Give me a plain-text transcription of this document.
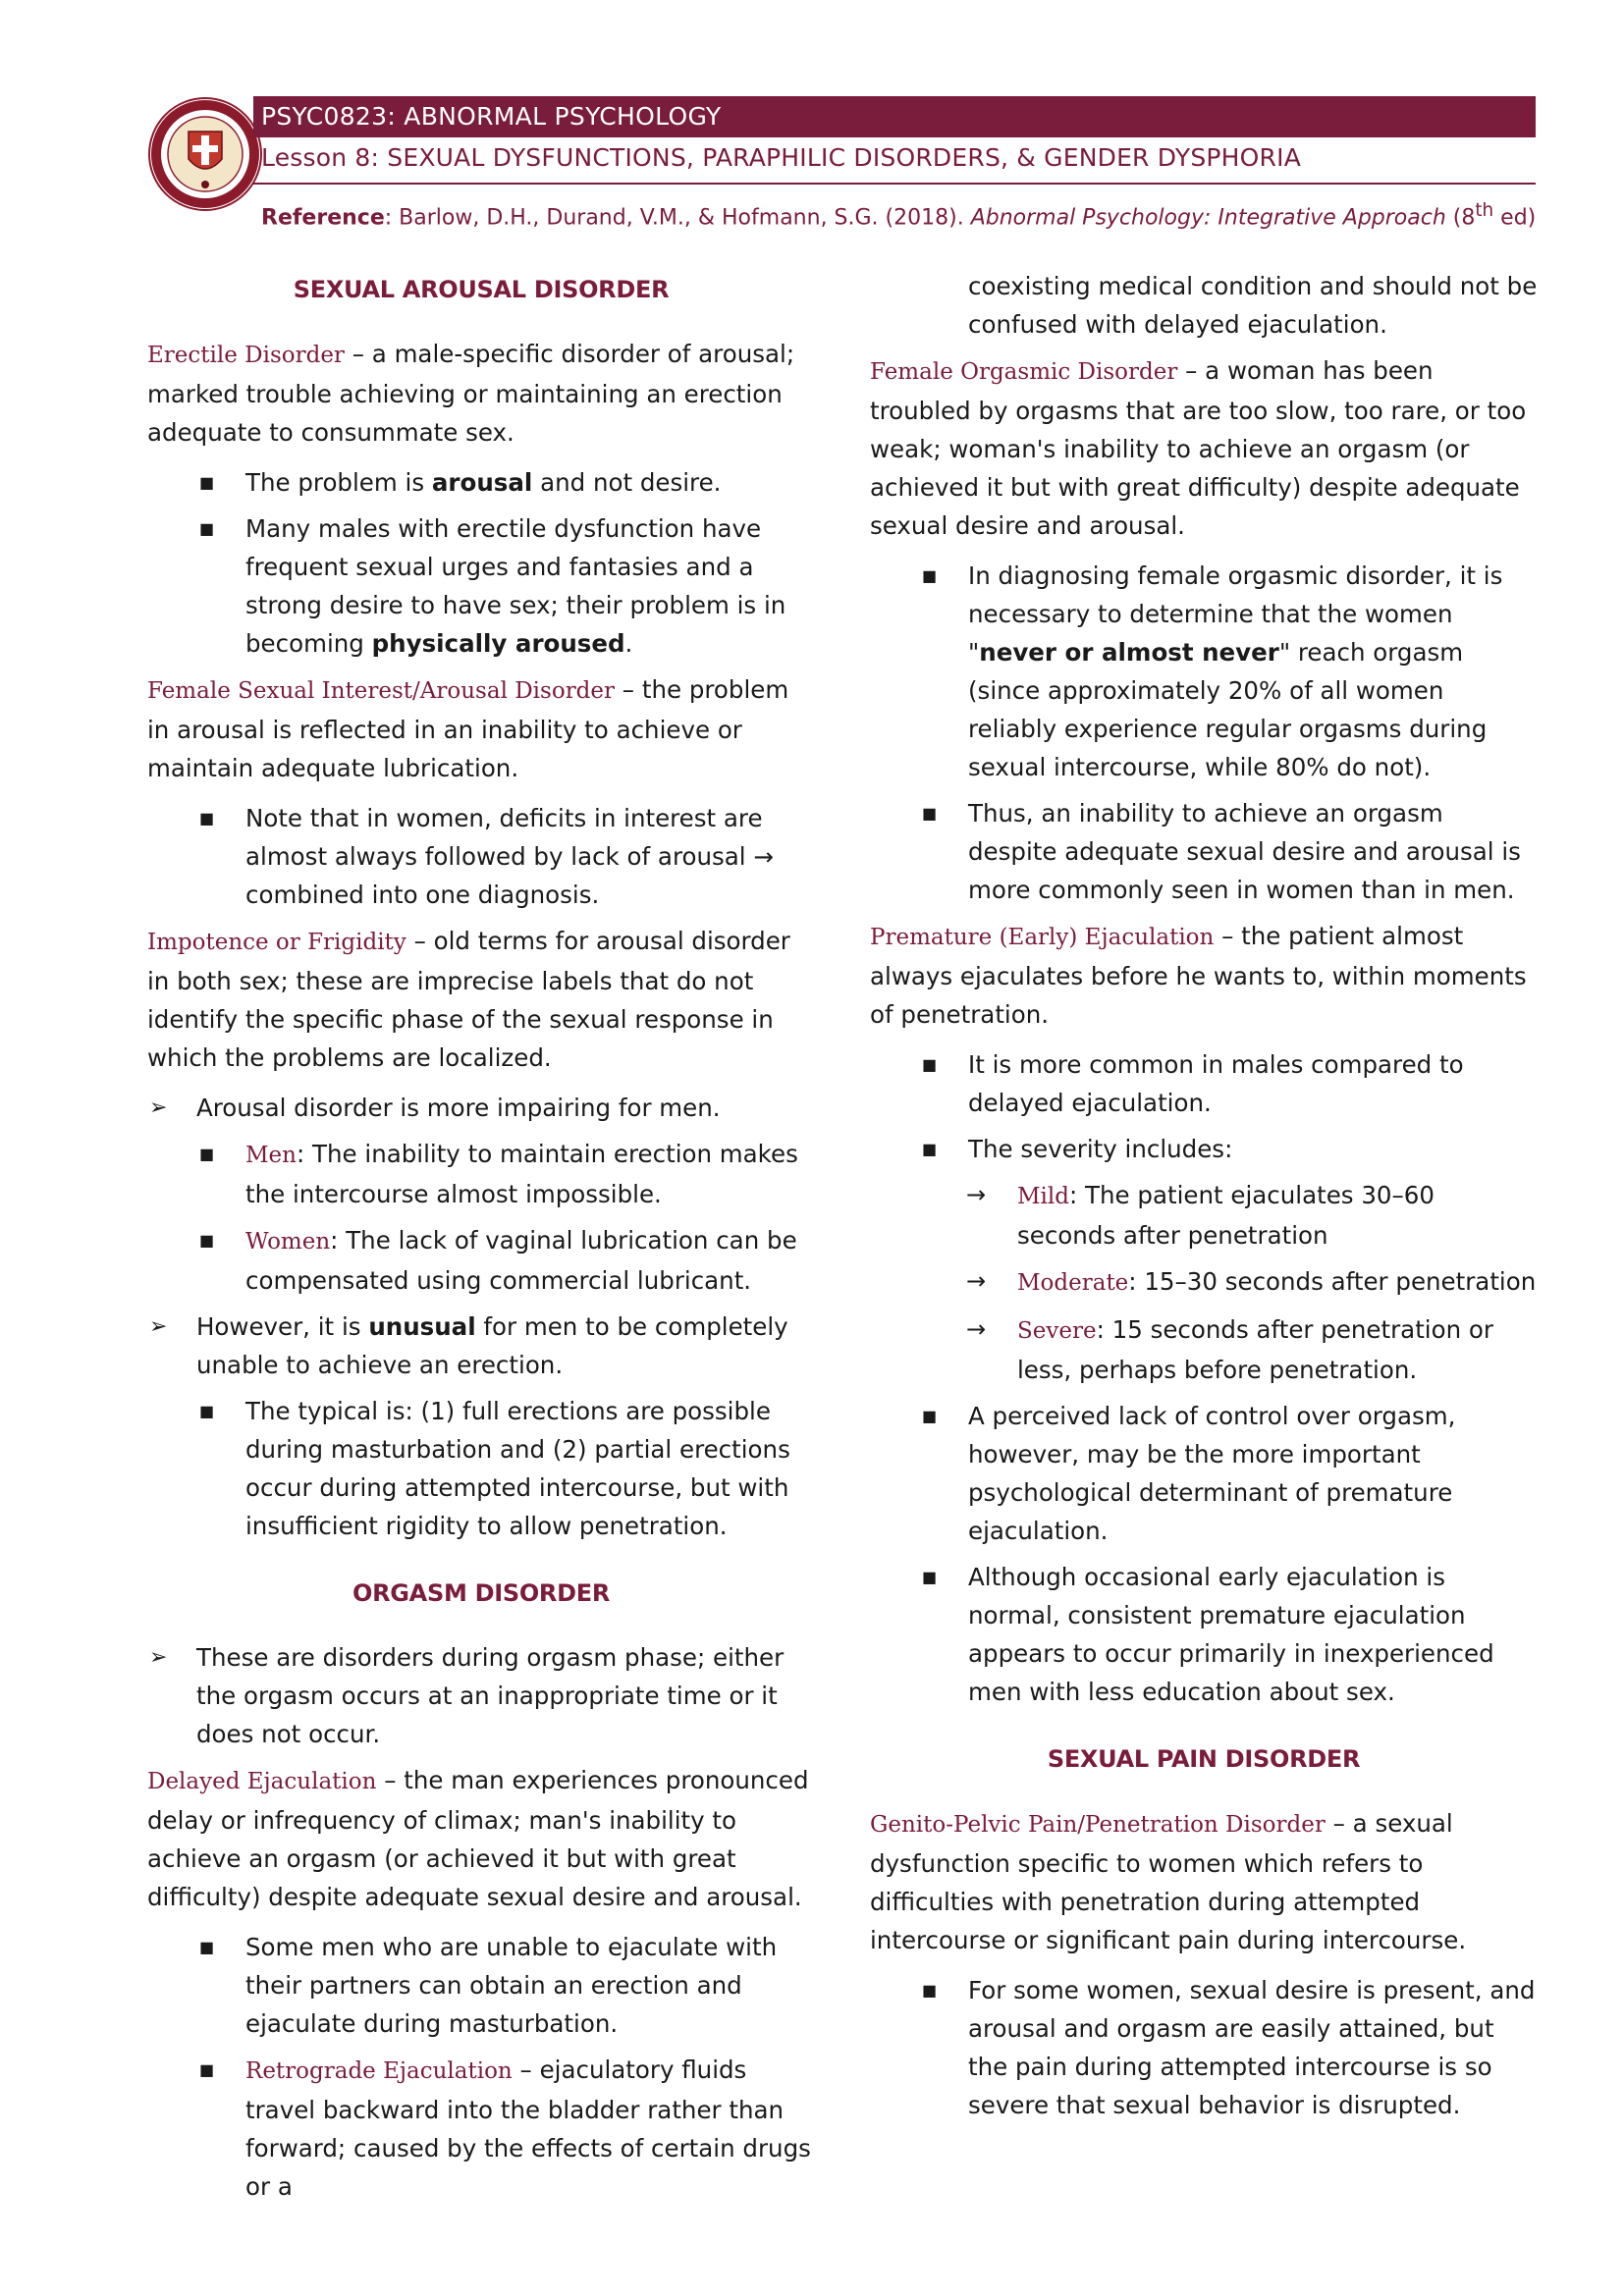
PSYC0823: ABNORMAL PSYCHOLOGY
Lesson 8: SEXUAL DYSFUNCTIONS, PARAPHILIC DISORDERS, & GENDER DYSPHORIA
Reference: Barlow, D.H., Durand, V.M., & Hofmann, S.G. (2018). Abnormal Psychology: Integrative Approach (8th ed)
SEXUAL AROUSAL DISORDER
Erectile Disorder – a male-specific disorder of arousal; marked trouble achieving or maintaining an erection adequate to consummate sex.
■ The problem is arousal and not desire.
■ Many males with erectile dysfunction have frequent sexual urges and fantasies and a strong desire to have sex; their problem is in becoming physically aroused.
Female Sexual Interest/Arousal Disorder – the problem in arousal is reflected in an inability to achieve or maintain adequate lubrication.
■ Note that in women, deficits in interest are almost always followed by lack of arousal → combined into one diagnosis.
Impotence or Frigidity – old terms for arousal disorder in both sex; these are imprecise labels that do not identify the specific phase of the sexual response in which the problems are localized.
➢ Arousal disorder is more impairing for men.
■ Men: The inability to maintain erection makes the intercourse almost impossible.
■ Women: The lack of vaginal lubrication can be compensated using commercial lubricant.
➢ However, it is unusual for men to be completely unable to achieve an erection.
■ The typical is: (1) full erections are possible during masturbation and (2) partial erections occur during attempted intercourse, but with insufficient rigidity to allow penetration.
ORGASM DISORDER
➢ These are disorders during orgasm phase; either the orgasm occurs at an inappropriate time or it does not occur.
Delayed Ejaculation – the man experiences pronounced delay or infrequency of climax; man's inability to achieve an orgasm (or achieved it but with great difficulty) despite adequate sexual desire and arousal.
■ Some men who are unable to ejaculate with their partners can obtain an erection and ejaculate during masturbation.
■ Retrograde Ejaculation – ejaculatory fluids travel backward into the bladder rather than forward; caused by the effects of certain drugs or a
coexisting medical condition and should not be confused with delayed ejaculation.
Female Orgasmic Disorder – a woman has been troubled by orgasms that are too slow, too rare, or too weak; woman's inability to achieve an orgasm (or achieved it but with great difficulty) despite adequate sexual desire and arousal.
■ In diagnosing female orgasmic disorder, it is necessary to determine that the women "never or almost never" reach orgasm (since approximately 20% of all women reliably experience regular orgasms during sexual intercourse, while 80% do not).
■ Thus, an inability to achieve an orgasm despite adequate sexual desire and arousal is more commonly seen in women than in men.
Premature (Early) Ejaculation – the patient almost always ejaculates before he wants to, within moments of penetration.
■ It is more common in males compared to delayed ejaculation.
■ The severity includes:
→ Mild: The patient ejaculates 30–60 seconds after penetration
→ Moderate: 15–30 seconds after penetration
→ Severe: 15 seconds after penetration or less, perhaps before penetration.
■ A perceived lack of control over orgasm, however, may be the more important psychological determinant of premature ejaculation.
■ Although occasional early ejaculation is normal, consistent premature ejaculation appears to occur primarily in inexperienced men with less education about sex.
SEXUAL PAIN DISORDER
Genito-Pelvic Pain/Penetration Disorder – a sexual dysfunction specific to women which refers to difficulties with penetration during attempted intercourse or significant pain during intercourse.
■ For some women, sexual desire is present, and arousal and orgasm are easily attained, but the pain during attempted intercourse is so severe that sexual behavior is disrupted.
